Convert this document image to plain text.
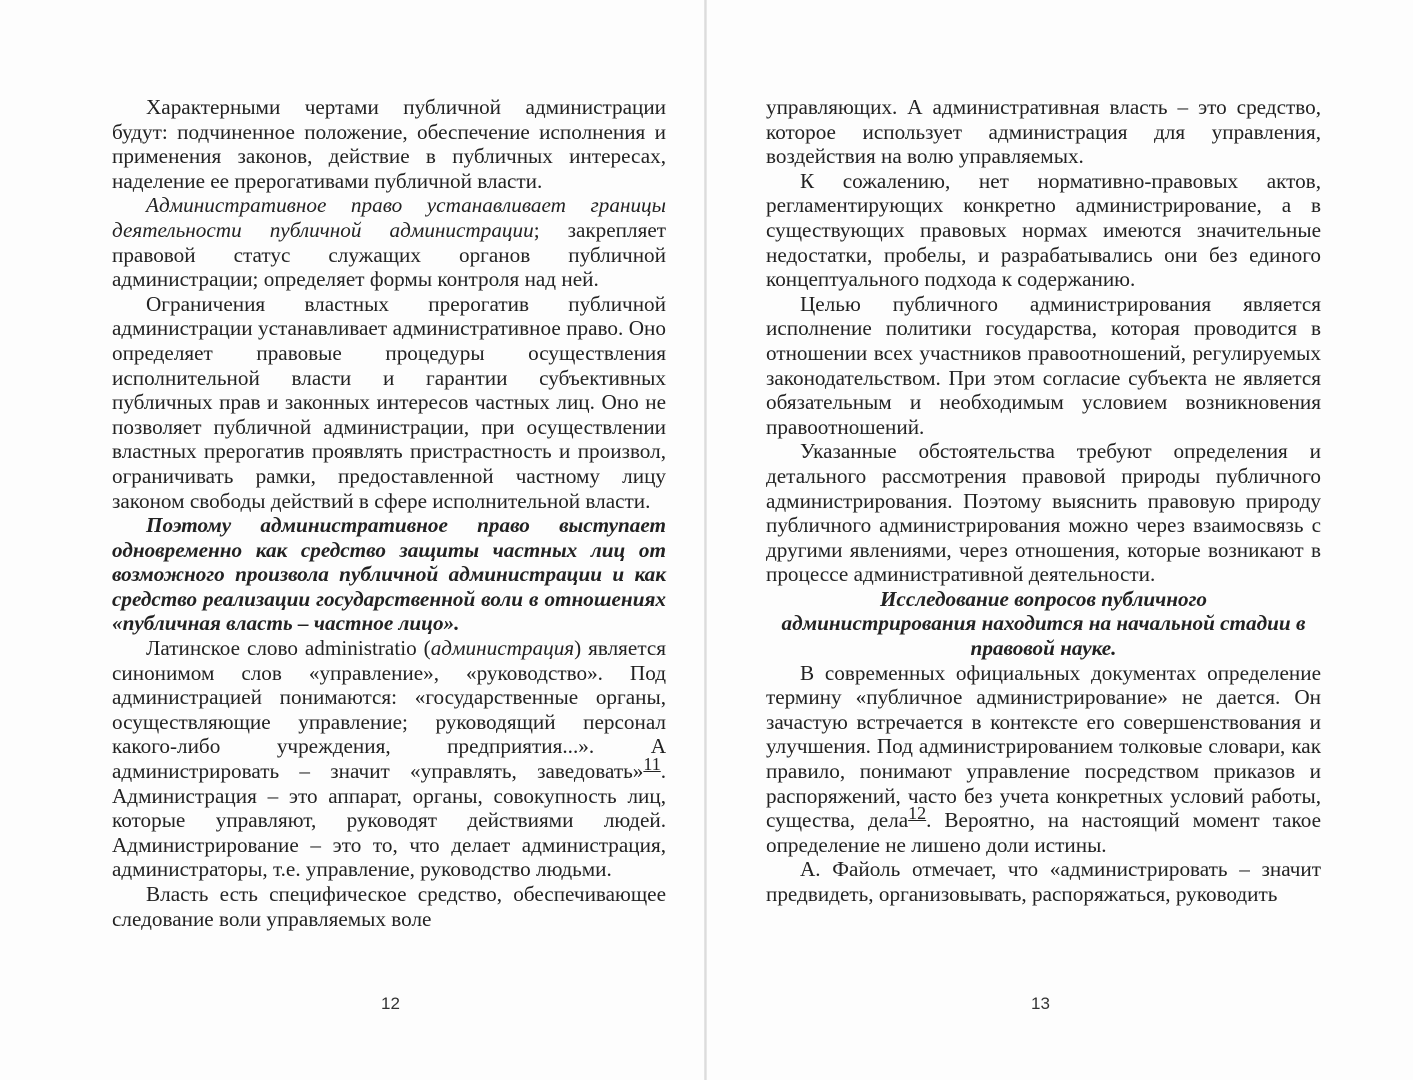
Характерными чертами публичной администрации будут: подчиненное положение, обеспечение исполнения и применения законов, действие в публичных интересах, наделение ее прерогативами публичной власти.

Административное право устанавливает границы деятельности публичной администрации; закрепляет правовой статус служащих органов публичной администрации; определяет формы контроля над ней.

Ограничения властных прерогатив публичной администрации устанавливает административное право. Оно определяет правовые процедуры осуществления исполнительной власти и гарантии субъективных публичных прав и законных интересов частных лиц. Оно не позволяет публичной администрации, при осуществлении властных прерогатив проявлять пристрастность и произвол, ограничивать рамки, предоставленной частному лицу законом свободы действий в сфере исполнительной власти.

Поэтому административное право выступает одновременно как средство защиты частных лиц от возможного произвола публичной администрации и как средство реализации государственной воли в отношениях «публичная власть – частное лицо».

Латинское слово administratio (администрация) является синонимом слов «управление», «руководство». Под администрацией понимаются: «государственные органы, осуществляющие управление; руководящий персонал какого-либо учреждения, предприятия...». А администрировать – значит «управлять, заведовать»$^{11}$. Администрация – это аппарат, органы, совокупность лиц, которые управляют, руководят действиями людей. Администрирование – это то, что делает администрация, администраторы, т.е. управление, руководство людьми.

Власть есть специфическое средство, обеспечивающее следование воли управляемых воле

управляющих. А административная власть – это средство, которое использует администрация для управления, воздействия на волю управляемых.

К сожалению, нет нормативно-правовых актов, регламентирующих конкретно администрирование, а в существующих правовых нормах имеются значительные недостатки, пробелы, и разрабатывались они без единого концептуального подхода к содержанию.

Целью публичного администрирования является исполнение политики государства, которая проводится в отношении всех участников правоотношений, регулируемых законодательством. При этом согласие субъекта не является обязательным и необходимым условием возникновения правоотношений.

Указанные обстоятельства требуют определения и детального рассмотрения правовой природы публичного администрирования. Поэтому выяснить правовую природу публичного администрирования можно через взаимосвязь с другими явлениями, через отношения, которые возникают в процессе административной деятельности.

Исследование вопросов публичного
администрирования находится на начальной стадии в правовой науке.

В современных официальных документах определение термину «публичное администрирование» не дается. Он зачастую встречается в контексте его совершенствования и улучшения. Под администрированием толковые словари, как правило, понимают управление посредством приказов и распоряжений, часто без учета конкретных условий работы, существа, дела$^{12}$. Вероятно, на настоящий момент такое определение не лишено доли истины.

А. Файоль отмечает, что «администрировать – значит предвидеть, организовывать, распоряжаться, руководить

12	13
